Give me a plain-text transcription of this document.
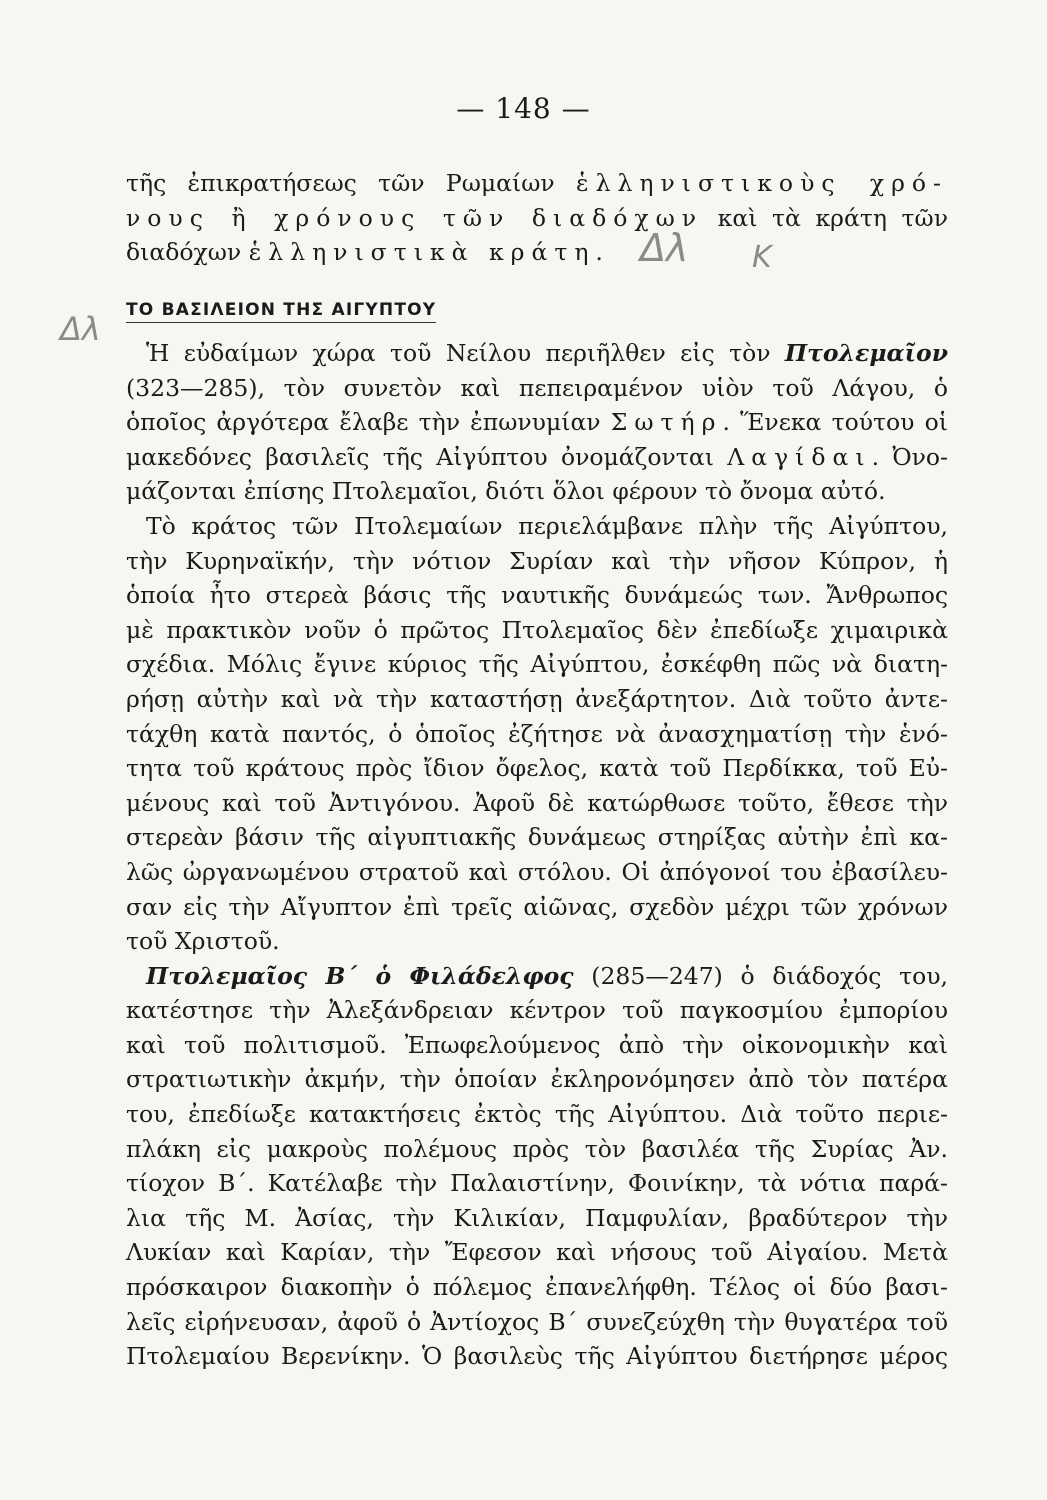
— 148 —
τῆς ἐπικρατήσεως τῶν Ρωμαίων ἑλληνιστικοὺς χρό-
νους ἢ χρόνους τῶν διαδόχων καὶ τὰ κράτη τῶν
διαδόχων ἑλληνιστικὰ κράτη. Δλ Κ
Δλ ΤΟ ΒΑΣΙΛΕΙΟΝ ΤΗΣ ΑΙΓΥΠΤΟΥ
Ἡ εὐδαίμων χώρα τοῦ Νείλου περιῆλθεν εἰς τὸν Πτολεμαῖον
(323—285), τὸν συνετὸν καὶ πεπειραμένον υἱὸν τοῦ Λάγου, ὁ
ὁποῖος ἀργότερα ἔλαβε τὴν ἐπωνυμίαν Σωτήρ. Ἕνεκα τούτου οἱ
μακεδόνες βασιλεῖς τῆς Αἰγύπτου ὀνομάζονται Λαγίδαι. Ὀνο-
μάζονται ἐπίσης Πτολεμαῖοι, διότι ὅλοι φέρουν τὸ ὄνομα αὐτό.
Τὸ κράτος τῶν Πτολεμαίων περιελάμβανε πλὴν τῆς Αἰγύπτου,
τὴν Κυρηναϊκήν, τὴν νότιον Συρίαν καὶ τὴν νῆσον Κύπρον, ἡ
ὁποία ἦτο στερεὰ βάσις τῆς ναυτικῆς δυνάμεώς των. Ἄνθρωπος
μὲ πρακτικὸν νοῦν ὁ πρῶτος Πτολεμαῖος δὲν ἐπεδίωξε χιμαιρικὰ
σχέδια. Μόλις ἔγινε κύριος τῆς Αἰγύπτου, ἐσκέφθη πῶς νὰ διατη-
ρήσῃ αὐτὴν καὶ νὰ τὴν καταστήσῃ ἀνεξάρτητον. Διὰ τοῦτο ἀντε-
τάχθη κατὰ παντός, ὁ ὁποῖος ἐζήτησε νὰ ἀνασχηματίσῃ τὴν ἑνό-
τητα τοῦ κράτους πρὸς ἴδιον ὄφελος, κατὰ τοῦ Περδίκκα, τοῦ Εὐ-
μένους καὶ τοῦ Ἀντιγόνου. Ἀφοῦ δὲ κατώρθωσε τοῦτο, ἔθεσε τὴν
στερεὰν βάσιν τῆς αἰγυπτιακῆς δυνάμεως στηρίξας αὐτὴν ἐπὶ κα-
λῶς ὠργανωμένου στρατοῦ καὶ στόλου. Οἱ ἀπόγονοί του ἐβασίλευ-
σαν εἰς τὴν Αἴγυπτον ἐπὶ τρεῖς αἰῶνας, σχεδὸν μέχρι τῶν χρόνων
τοῦ Χριστοῦ.
Πτολεμαῖος Β΄ ὁ Φιλάδελφος (285—247) ὁ διάδοχός του,
κατέστησε τὴν Ἀλεξάνδρειαν κέντρον τοῦ παγκοσμίου ἐμπορίου
καὶ τοῦ πολιτισμοῦ. Ἐπωφελούμενος ἀπὸ τὴν οἰκονομικὴν καὶ
στρατιωτικὴν ἀκμήν, τὴν ὁποίαν ἐκληρονόμησεν ἀπὸ τὸν πατέρα
του, ἐπεδίωξε κατακτήσεις ἐκτὸς τῆς Αἰγύπτου. Διὰ τοῦτο περιε-
πλάκη εἰς μακροὺς πολέμους πρὸς τὸν βασιλέα τῆς Συρίας Ἀν.
τίοχον Β΄. Κατέλαβε τὴν Παλαιστίνην, Φοινίκην, τὰ νότια παρά-
λια τῆς Μ. Ἀσίας, τὴν Κιλικίαν, Παμφυλίαν, βραδύτερον τὴν
Λυκίαν καὶ Καρίαν, τὴν Ἔφεσον καὶ νήσους τοῦ Αἰγαίου. Μετὰ
πρόσκαιρον διακοπὴν ὁ πόλεμος ἐπανελήφθη. Τέλος οἱ δύο βασι-
λεῖς εἰρήνευσαν, ἀφοῦ ὁ Ἀντίοχος Β΄ συνεζεύχθη τὴν θυγατέρα τοῦ
Πτολεμαίου Βερενίκην. Ὁ βασιλεὺς τῆς Αἰγύπτου διετήρησε μέρος
